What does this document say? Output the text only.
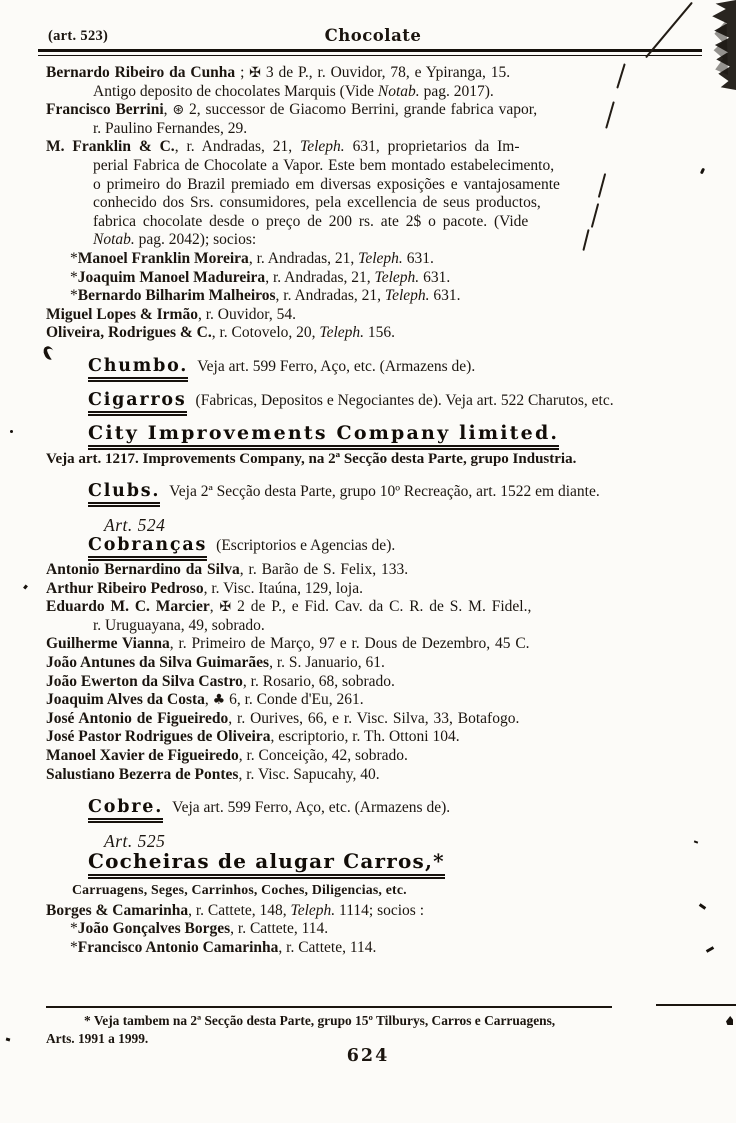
(art. 523)	Chocolate
Bernardo Ribeiro da Cunha ; ✠ 3 de P., r. Ouvidor, 78, e Ypiranga, 15.
Antigo deposito de chocolates Marquis (Vide Notab. pag. 2017).
Francisco Berrini, ⊛ 2, successor de Giacomo Berrini, grande fabrica vapor,
r. Paulino Fernandes, 29.
M. Franklin & C., r. Andradas, 21, Teleph. 631, proprietarios da Im-
perial Fabrica de Chocolate a Vapor. Este bem montado estabelecimento,
o primeiro do Brazil premiado em diversas exposições e vantajosamente
conhecido dos Srs. consumidores, pela excellencia de seus productos,
fabrica chocolate desde o preço de 200 rs. ate 2$ o pacote. (Vide
Notab. pag. 2042); socios:
*Manoel Franklin Moreira, r. Andradas, 21, Teleph. 631.
*Joaquim Manoel Madureira, r. Andradas, 21, Teleph. 631.
*Bernardo Bilharim Malheiros, r. Andradas, 21, Teleph. 631.
Miguel Lopes & Irmão, r. Ouvidor, 54.
Oliveira, Rodrigues & C., r. Cotovelo, 20, Teleph. 156.
Chumbo. Veja art. 599 Ferro, Aço, etc. (Armazens de).
Cigarros (Fabricas, Depositos e Negociantes de). Veja art. 522 Charutos, etc.
City Improvements Company limited.
Veja art. 1217. Improvements Company, na 2ª Secção desta Parte, grupo Industria.
Clubs. Veja 2ª Secção desta Parte, grupo 10º Recreação, art. 1522 em diante.
Art. 524
Cobranças (Escriptorios e Agencias de).
Antonio Bernardino da Silva, r. Barão de S. Felix, 133.
Arthur Ribeiro Pedroso, r. Visc. Itaúna, 129, loja.
Eduardo M. C. Marcier, ✠ 2 de P., e Fid. Cav. da C. R. de S. M. Fidel.,
r. Uruguayana, 49, sobrado.
Guilherme Vianna, r. Primeiro de Março, 97 e r. Dous de Dezembro, 45 C.
João Antunes da Silva Guimarães, r. S. Januario, 61.
João Ewerton da Silva Castro, r. Rosario, 68, sobrado.
Joaquim Alves da Costa, ♣ 6, r. Conde d'Eu, 261.
José Antonio de Figueiredo, r. Ourives, 66, e r. Visc. Silva, 33, Botafogo.
José Pastor Rodrigues de Oliveira, escriptorio, r. Th. Ottoni 104.
Manoel Xavier de Figueiredo, r. Conceição, 42, sobrado.
Salustiano Bezerra de Pontes, r. Visc. Sapucahy, 40.
Cobre. Veja art. 599 Ferro, Aço, etc. (Armazens de).
Art. 525
Cocheiras de alugar Carros,*
Carruagens, Seges, Carrinhos, Coches, Diligencias, etc.
Borges & Camarinha, r. Cattete, 148, Teleph. 1114; socios :
*João Gonçalves Borges, r. Cattete, 114.
*Francisco Antonio Camarinha, r. Cattete, 114.
* Veja tambem na 2ª Secção desta Parte, grupo 15º Tilburys, Carros e Carruagens,
Arts. 1991 a 1999.
624
